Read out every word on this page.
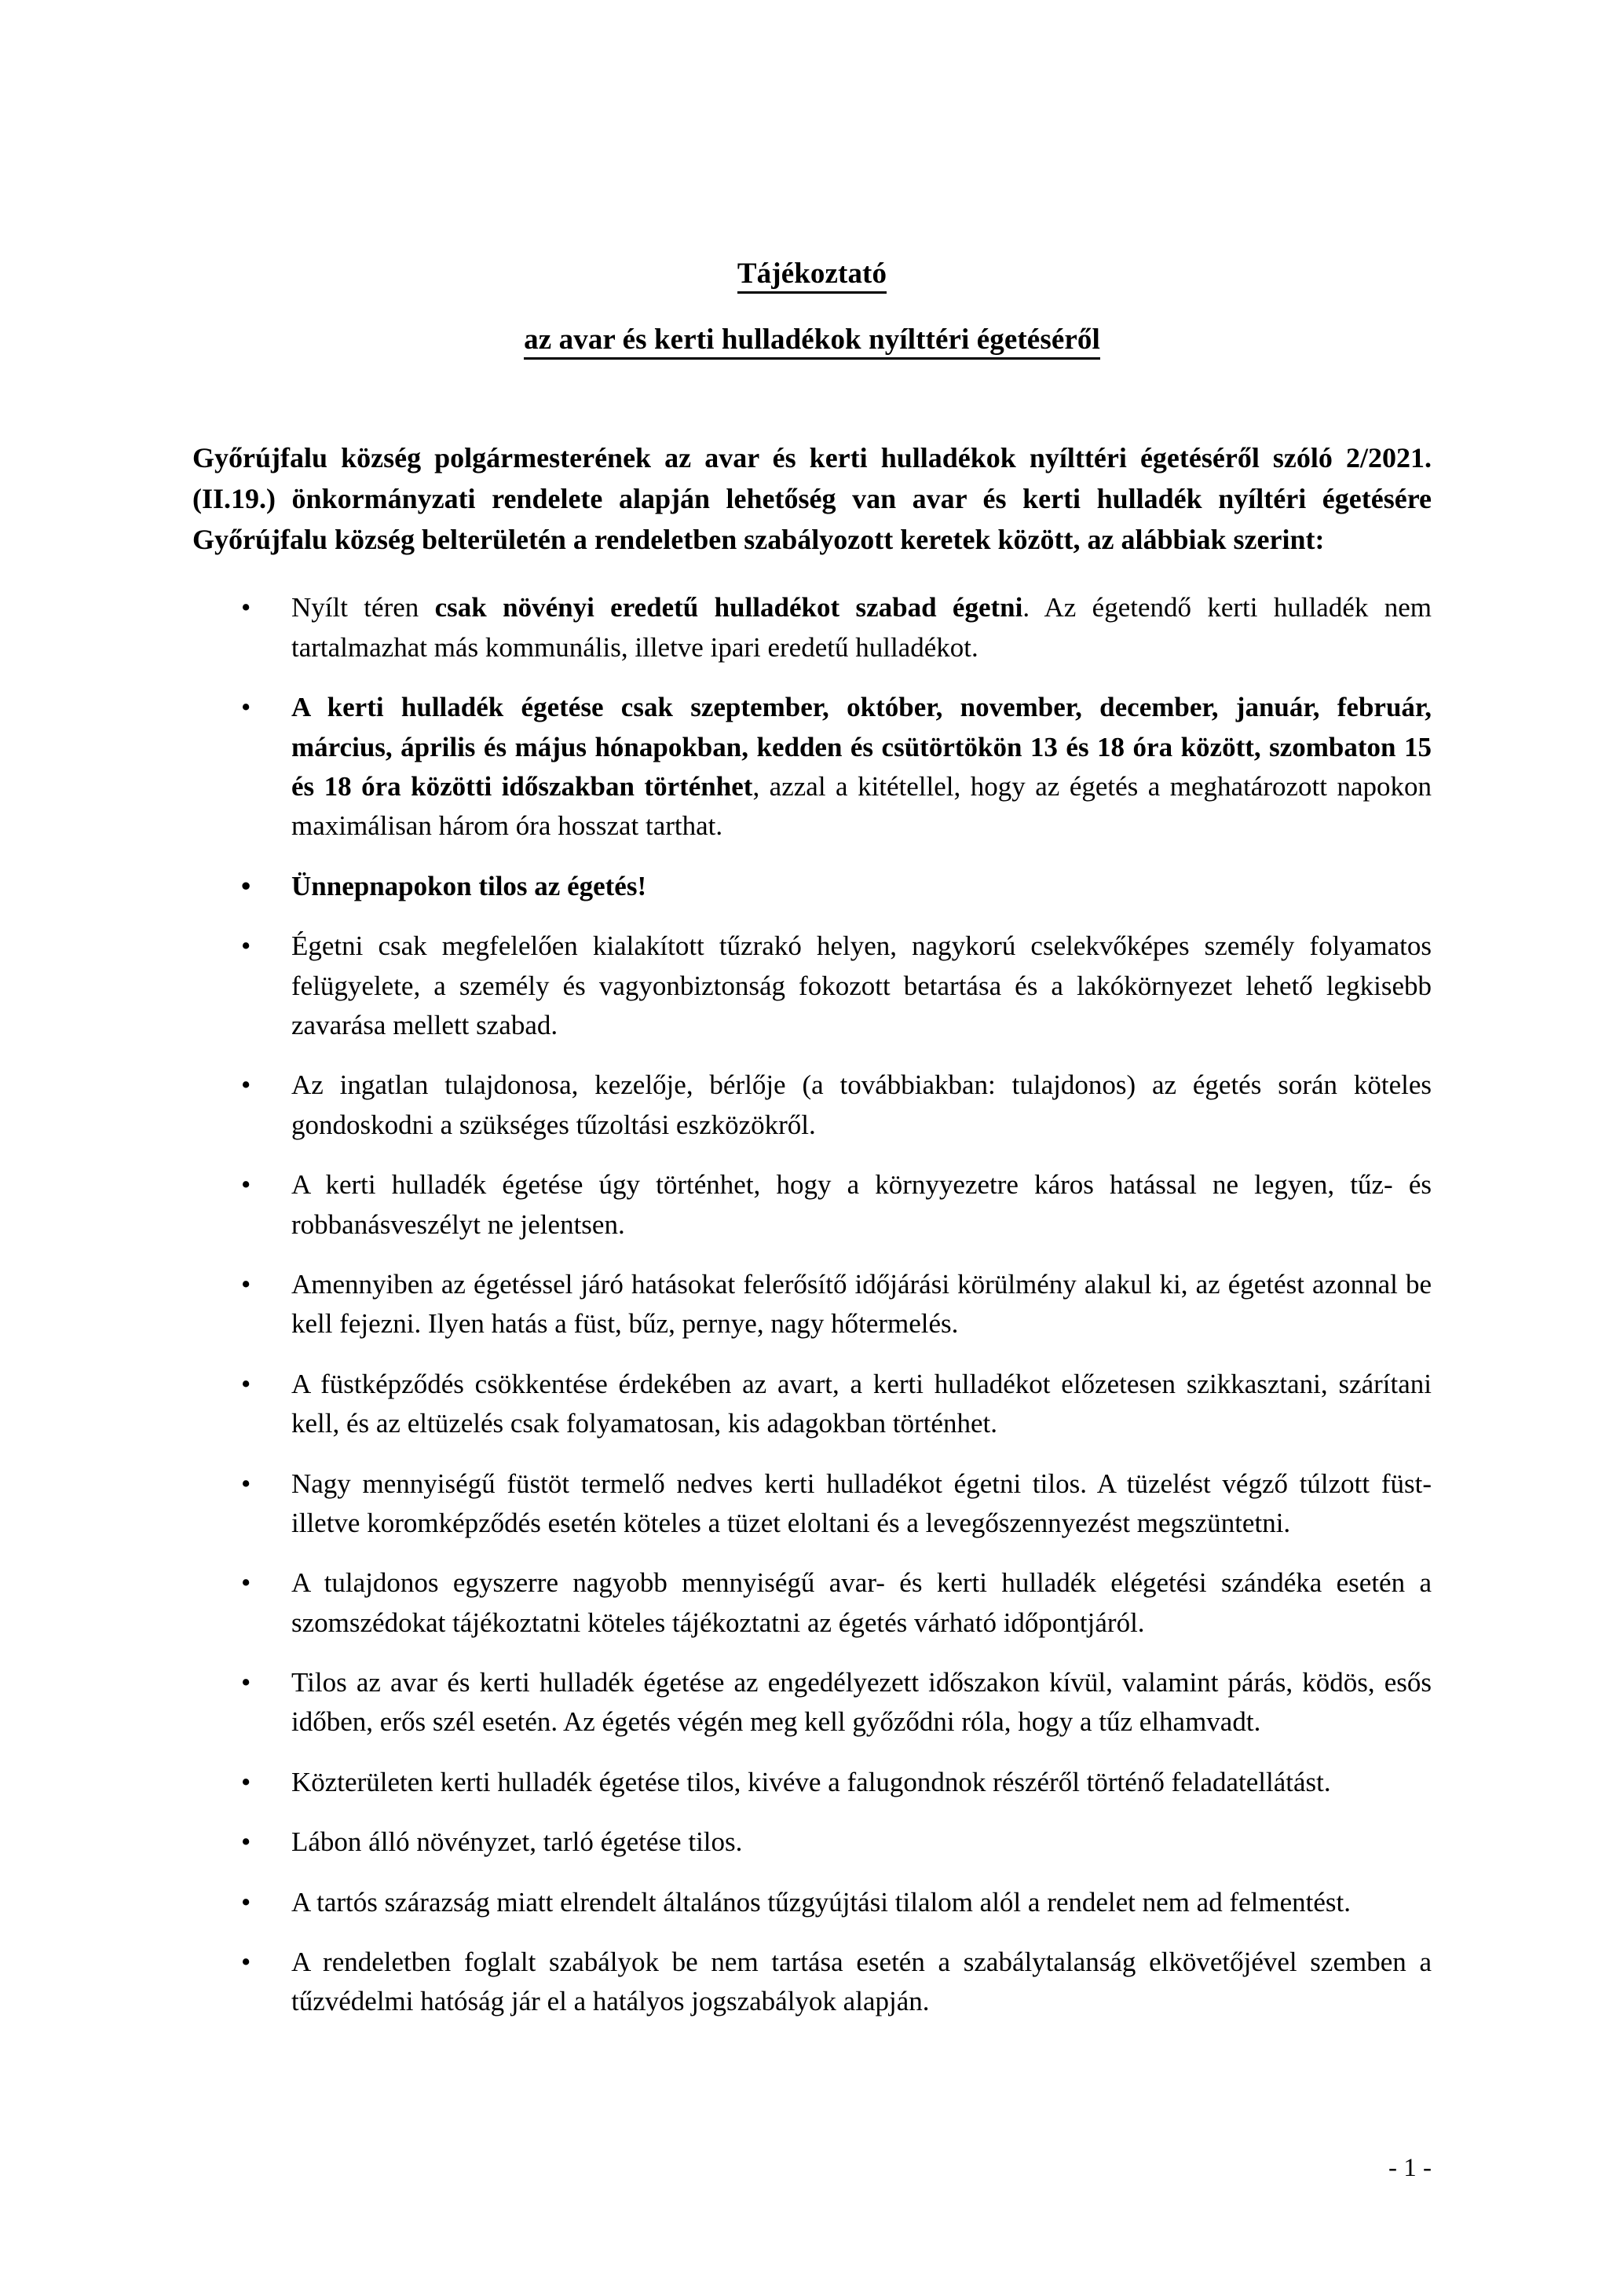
Tájékoztató
az avar és kerti hulladékok nyílttéri égetéséről

Győrújfalu község polgármesterének az avar és kerti hulladékok nyílttéri égetéséről szóló 2/2021. (II.19.) önkormányzati rendelete alapján lehetőség van avar és kerti hulladék nyíltéri égetésére Győrújfalu község belterületén a rendeletben szabályozott keretek között, az alábbiak szerint:

• Nyílt téren csak növényi eredetű hulladékot szabad égetni. Az égetendő kerti hulladék nem tartalmazhat más kommunális, illetve ipari eredetű hulladékot.
• A kerti hulladék égetése csak szeptember, október, november, december, január, február, március, április és május hónapokban, kedden és csütörtökön 13 és 18 óra között, szombaton 15 és 18 óra közötti időszakban történhet, azzal a kitétellel, hogy az égetés a meghatározott napokon maximálisan három óra hosszat tarthat.
• Ünnepnapokon tilos az égetés!
• Égetni csak megfelelően kialakított tűzrakó helyen, nagykorú cselekvőképes személy folyamatos felügyelete, a személy és vagyonbiztonság fokozott betartása és a lakókörnyezet lehető legkisebb zavarása mellett szabad.
• Az ingatlan tulajdonosa, kezelője, bérlője (a továbbiakban: tulajdonos) az égetés során köteles gondoskodni a szükséges tűzoltási eszközökről.
• A kerti hulladék égetése úgy történhet, hogy a környyezetre káros hatással ne legyen, tűz- és robbanásveszélyt ne jelentsen.
• Amennyiben az égetéssel járó hatásokat felerősítő időjárási körülmény alakul ki, az égetést azonnal be kell fejezni. Ilyen hatás a füst, bűz, pernye, nagy hőtermelés.
• A füstképződés csökkentése érdekében az avart, a kerti hulladékot előzetesen szikkasztani, szárítani kell, és az eltüzelés csak folyamatosan, kis adagokban történhet.
• Nagy mennyiségű füstöt termelő nedves kerti hulladékot égetni tilos. A tüzelést végző túlzott füst- illetve koromképződés esetén köteles a tüzet eloltani és a levegőszennyezést megszüntetni.
• A tulajdonos egyszerre nagyobb mennyiségű avar- és kerti hulladék elégetési szándéka esetén a szomszédokat tájékoztatni köteles tájékoztatni az égetés várható időpontjáról.
• Tilos az avar és kerti hulladék égetése az engedélyezett időszakon kívül, valamint párás, ködös, esős időben, erős szél esetén. Az égetés végén meg kell győződni róla, hogy a tűz elhamvadt.
• Közterületen kerti hulladék égetése tilos, kivéve a falugondnok részéről történő feladatellátást.
• Lábon álló növényzet, tarló égetése tilos.
• A tartós szárazság miatt elrendelt általános tűzgyújtási tilalom alól a rendelet nem ad felmentést.
• A rendeletben foglalt szabályok be nem tartása esetén a szabálytalanság elkövetőjével szemben a tűzvédelmi hatóság jár el a hatályos jogszabályok alapján.
- 1 -
